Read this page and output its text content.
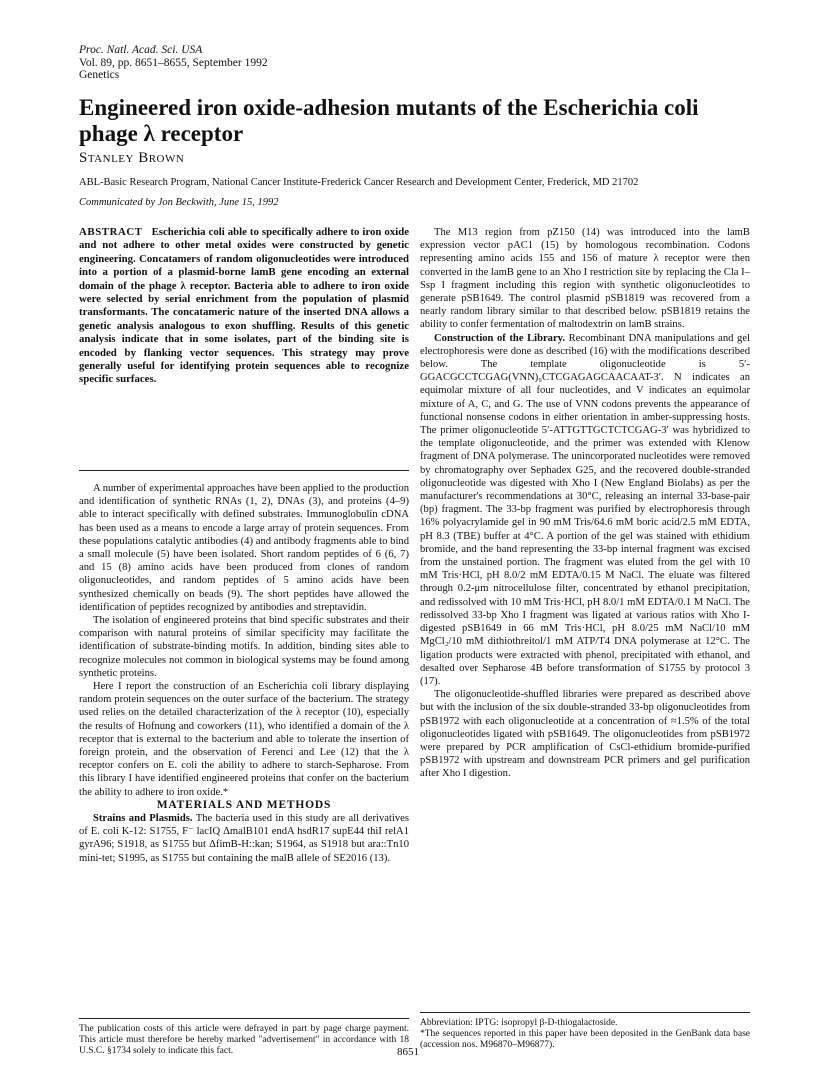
Proc. Natl. Acad. Sci. USA
Vol. 89, pp. 8651–8655, September 1992
Genetics
Engineered iron oxide-adhesion mutants of the Escherichia coli phage λ receptor
Stanley Brown
ABL-Basic Research Program, National Cancer Institute-Frederick Cancer Research and Development Center, Frederick, MD 21702
Communicated by Jon Beckwith, June 15, 1992
ABSTRACT Escherichia coli able to specifically adhere to iron oxide and not adhere to other metal oxides were constructed by genetic engineering. Concatamers of random oligonucleotides were introduced into a portion of a plasmid-borne lamB gene encoding an external domain of the phage λ receptor. Bacteria able to adhere to iron oxide were selected by serial enrichment from the population of plasmid transformants. The concatameric nature of the inserted DNA allows a genetic analysis analogous to exon shuffling. Results of this genetic analysis indicate that in some isolates, part of the binding site is encoded by flanking vector sequences. This strategy may prove generally useful for identifying protein sequences able to recognize specific surfaces.

A number of experimental approaches have been applied to the production and identification of synthetic RNAs (1, 2), DNAs (3), and proteins (4–9) able to interact specifically with defined substrates. Immunoglobulin cDNA has been used as a means to encode a large array of protein sequences. From these populations catalytic antibodies (4) and antibody fragments able to bind a small molecule (5) have been isolated. Short random peptides of 6 (6, 7) and 15 (8) amino acids have been produced from clones of random oligonucleotides, and random peptides of 5 amino acids have been synthesized chemically on beads (9). The short peptides have allowed the identification of peptides recognized by antibodies and streptavidin.

The isolation of engineered proteins that bind specific substrates and their comparison with natural proteins of similar specificity may facilitate the identification of substrate-binding motifs. In addition, binding sites able to recognize molecules not common in biological systems may be found among synthetic proteins.

Here I report the construction of an Escherichia coli library displaying random protein sequences on the outer surface of the bacterium. The strategy used relies on the detailed characterization of the λ receptor (10), especially the results of Hofnung and coworkers (11), who identified a domain of the λ receptor that is external to the bacterium and able to tolerate the insertion of foreign protein, and the observation of Ferenci and Lee (12) that the λ receptor confers on E. coli the ability to adhere to starch-Sepharose. From this library I have identified engineered proteins that confer on the bacterium the ability to adhere to iron oxide.*

MATERIALS AND METHODS

Strains and Plasmids. The bacteria used in this study are all derivatives of E. coli K-12: S1755, F⁻ lacIQ ΔmalB101 endA hsdR17 supE44 thiI relA1 gyrA96; S1918, as S1755 but ΔfimB-H::kan; S1964, as S1918 but ara::Tn10 mini-tet; S1995, as S1755 but containing the malB allele of SE2016 (13).

The publication costs of this article were defrayed in part by page charge payment. This article must therefore be hereby marked "advertisement" in accordance with 18 U.S.C. §1734 solely to indicate this fact.

The M13 region from pZ150 (14) was introduced into the lamB expression vector pAC1 (15) by homologous recombination. Codons representing amino acids 155 and 156 of mature λ receptor were then converted in the lamB gene to an Xho I restriction site by replacing the Cla I–Ssp I fragment including this region with synthetic oligonucleotides to generate pSB1649. The control plasmid pSB1819 was recovered from a nearly random library similar to that described below. pSB1819 retains the ability to confer fermentation of maltodextrin on lamB strains.

Construction of the Library. Recombinant DNA manipulations and gel electrophoresis were done as described (16) with the modifications described below. The template oligonucleotide is 5′-GGACGCCTCGAG(VNN)₉CTCGAGAGCAACAAT-3′. N indicates an equimolar mixture of all four nucleotides, and V indicates an equimolar mixture of A, C, and G. The use of VNN codons prevents the appearance of functional nonsense codons in either orientation in amber-suppressing hosts. The primer oligonucleotide 5′-ATTGTTGCTCTCGAG-3′ was hybridized to the template oligonucleotide, and the primer was extended with Klenow fragment of DNA polymerase. The unincorporated nucleotides were removed by chromatography over Sephadex G25, and the recovered double-stranded oligonucleotide was digested with Xho I (New England Biolabs) as per the manufacturer's recommendations at 30°C, releasing an internal 33-base-pair (bp) fragment. The 33-bp fragment was purified by electrophoresis through 16% polyacrylamide gel in 90 mM Tris/64.6 mM boric acid/2.5 mM EDTA, pH 8.3 (TBE) buffer at 4°C. A portion of the gel was stained with ethidium bromide, and the band representing the 33-bp internal fragment was excised from the unstained portion. The fragment was eluted from the gel with 10 mM Tris·HCl, pH 8.0/2 mM EDTA/0.15 M NaCl. The eluate was filtered through 0.2-μm nitrocellulose filter, concentrated by ethanol precipitation, and redissolved with 10 mM Tris·HCl, pH 8.0/1 mM EDTA/0.1 M NaCl. The redissolved 33-bp Xho I fragment was ligated at various ratios with Xho I-digested pSB1649 in 66 mM Tris·HCl, pH 8.0/25 mM NaCl/10 mM MgCl₂/10 mM dithiothreitol/1 mM ATP/T4 DNA polymerase at 12°C. The ligation products were extracted with phenol, precipitated with ethanol, and desalted over Sepharose 4B before transformation of S1755 by protocol 3 (17).

The oligonucleotide-shuffled libraries were prepared as described above but with the inclusion of the six double-stranded 33-bp oligonucleotides from pSB1972 with each oligonucleotide at a concentration of ≈1.5% of the total oligonucleotides ligated with pSB1649. The oligonucleotides from pSB1972 were prepared by PCR amplification of CsCl-ethidium bromide-purified pSB1972 with upstream and downstream PCR primers and gel purification after Xho I digestion.

Abbreviation: IPTG: isopropyl β-D-thiogalactoside.

*The sequences reported in this paper have been deposited in the GenBank data base (accession nos. M96870–M96877).

8651
